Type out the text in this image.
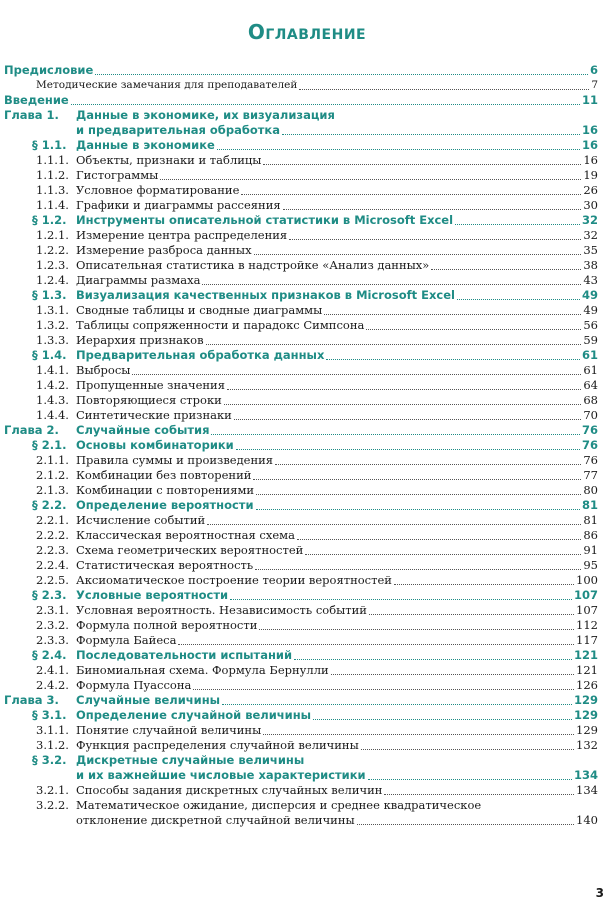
Оглавление
Предисловие	6
Методические замечания для преподавателей	7
Введение	11
Глава 1.	Данные в экономике, их визуализация
и предварительная обработка	16
§ 1.1. Данные в экономике	16
1.1.1. Объекты, признаки и таблицы	16
1.1.2. Гистограммы	19
1.1.3. Условное форматирование	26
1.1.4. Графики и диаграммы рассеяния	30
§ 1.2. Инструменты описательной статистики в Microsoft Excel	32
1.2.1. Измерение центра распределения	32
1.2.2. Измерение разброса данных	35
1.2.3. Описательная статистика в надстройке «Анализ данных»	38
1.2.4. Диаграммы размаха	43
§ 1.3. Визуализация качественных признаков в Microsoft Excel	49
1.3.1. Сводные таблицы и сводные диаграммы	49
1.3.2. Таблицы сопряженности и парадокс Симпсона	56
1.3.3. Иерархия признаков	59
§ 1.4. Предварительная обработка данных	61
1.4.1. Выбросы	61
1.4.2. Пропущенные значения	64
1.4.3. Повторяющиеся строки	68
1.4.4. Синтетические признаки	70
Глава 2.	Случайные события	76
§ 2.1. Основы комбинаторики	76
2.1.1. Правила суммы и произведения	76
2.1.2. Комбинации без повторений	77
2.1.3. Комбинации с повторениями	80
§ 2.2. Определение вероятности	81
2.2.1. Исчисление событий	81
2.2.2. Классическая вероятностная схема	86
2.2.3. Схема геометрических вероятностей	91
2.2.4. Статистическая вероятность	95
2.2.5. Аксиоматическое построение теории вероятностей	100
§ 2.3. Условные вероятности	107
2.3.1. Условная вероятность. Независимость событий	107
2.3.2. Формула полной вероятности	112
2.3.3. Формула Байеса	117
§ 2.4. Последовательности испытаний	121
2.4.1. Биномиальная схема. Формула Бернулли	121
2.4.2. Формула Пуассона	126
Глава 3.	Случайные величины	129
§ 3.1. Определение случайной величины	129
3.1.1. Понятие случайной величины	129
3.1.2. Функция распределения случайной величины	132
§ 3.2. Дискретные случайные величины
и их важнейшие числовые характеристики	134
3.2.1. Способы задания дискретных случайных величин	134
3.2.2. Математическое ожидание, дисперсия и среднее квадратическое
отклонение дискретной случайной величины	140
3
